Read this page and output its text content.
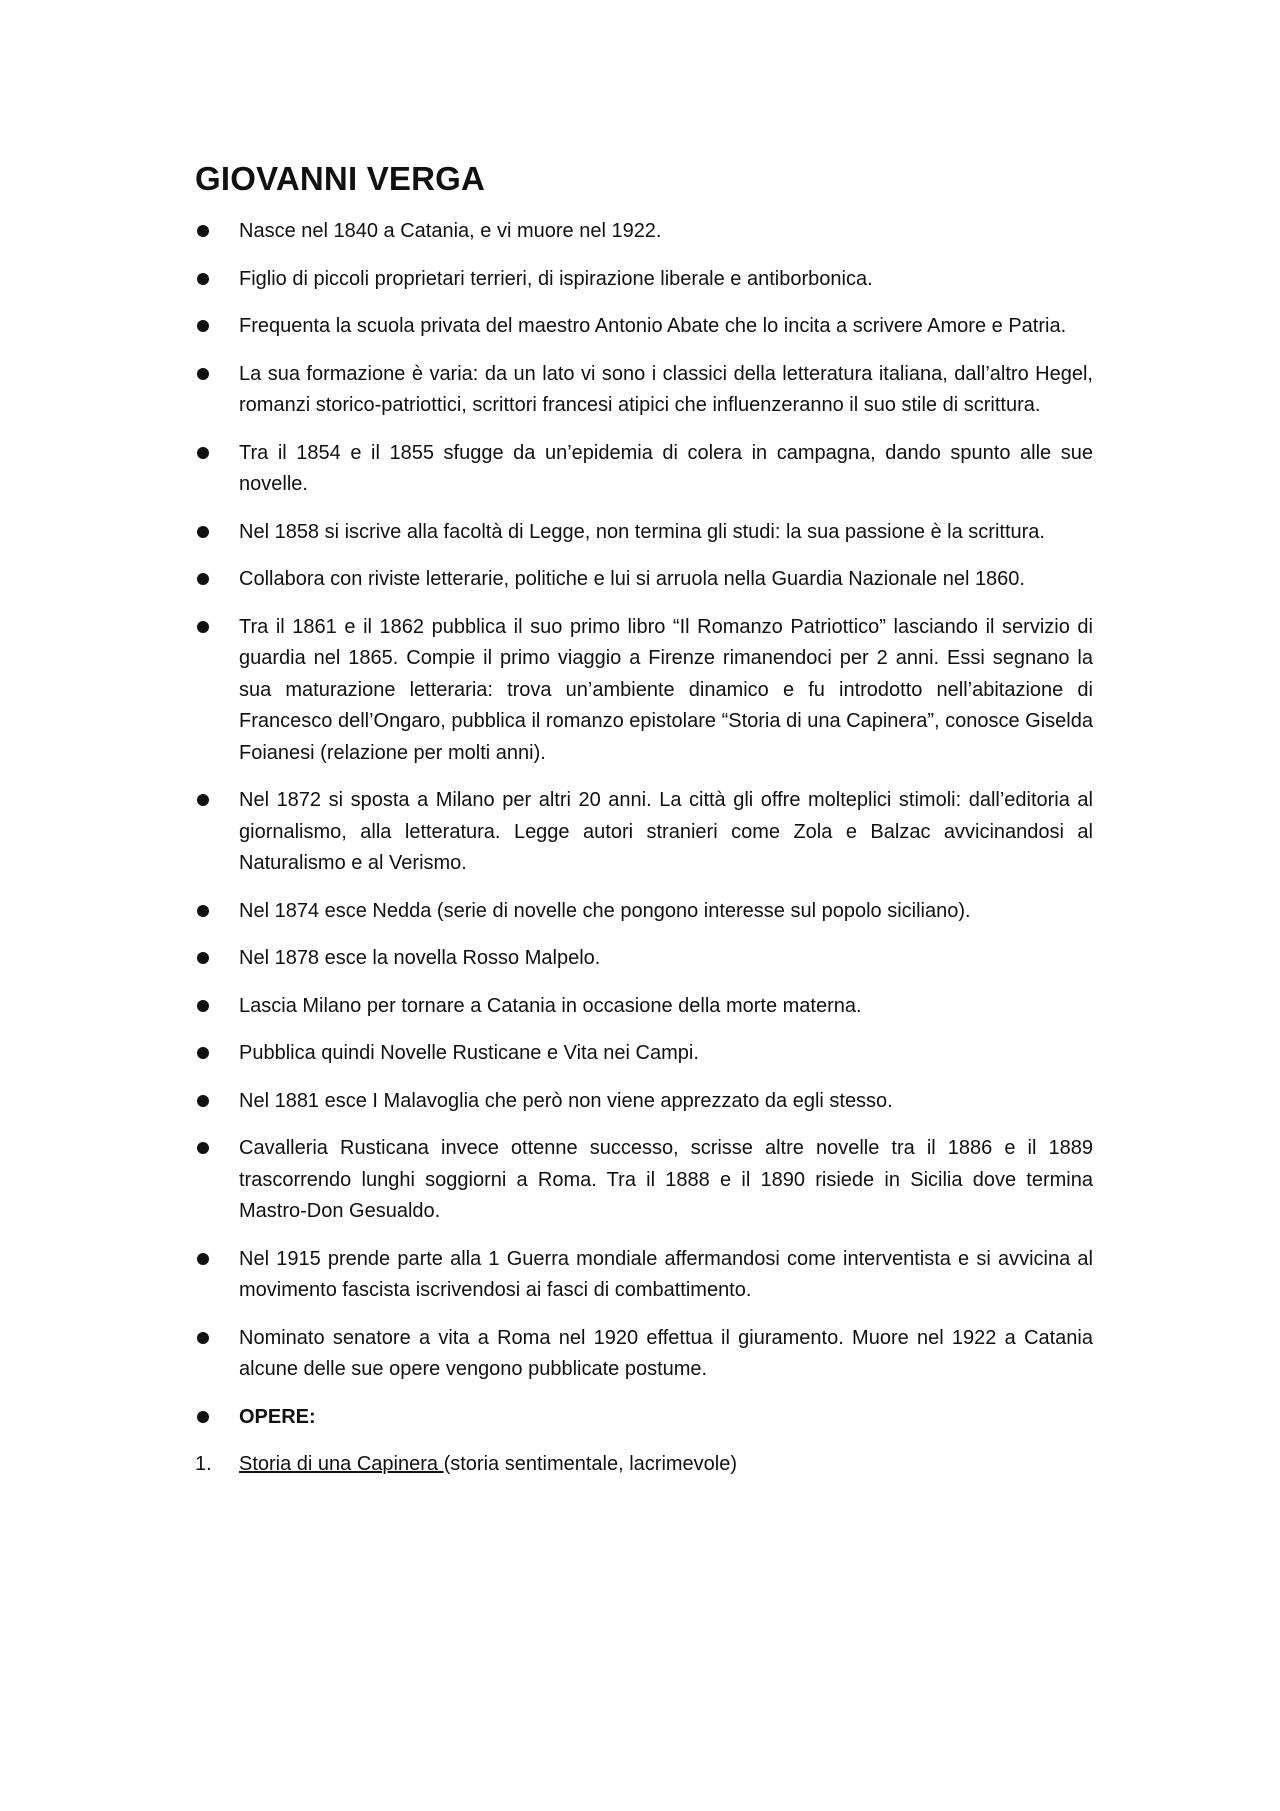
GIOVANNI VERGA
Nasce nel 1840 a Catania, e vi muore nel 1922.
Figlio di piccoli proprietari terrieri, di ispirazione liberale e antiborbonica.
Frequenta la scuola privata del maestro Antonio Abate che lo incita a scrivere Amore e Patria.
La sua formazione è varia: da un lato vi sono i classici della letteratura italiana, dall’altro Hegel, romanzi storico-patriottici, scrittori francesi atipici che influenzeranno il suo stile di scrittura.
Tra il 1854 e il 1855 sfugge da un’epidemia di colera in campagna, dando spunto alle sue novelle.
Nel 1858 si iscrive alla facoltà di Legge, non termina gli studi: la sua passione è la scrittura.
Collabora con riviste letterarie, politiche e lui si arruola nella Guardia Nazionale nel 1860.
Tra il 1861 e il 1862 pubblica il suo primo libro “Il Romanzo Patriottico” lasciando il servizio di guardia nel 1865. Compie il primo viaggio a Firenze rimanendoci per 2 anni. Essi segnano la sua maturazione letteraria: trova un’ambiente dinamico e fu introdotto nell’abitazione di Francesco dell’Ongaro, pubblica il romanzo epistolare “Storia di una Capinera”, conosce Giselda Foianesi (relazione per molti anni).
Nel 1872 si sposta a Milano per altri 20 anni. La città gli offre molteplici stimoli: dall’editoria al giornalismo, alla letteratura. Legge autori stranieri come Zola e Balzac avvicinandosi al Naturalismo e al Verismo.
Nel 1874 esce Nedda (serie di novelle che pongono interesse sul popolo siciliano).
Nel 1878 esce la novella Rosso Malpelo.
Lascia Milano per tornare a Catania in occasione della morte materna.
Pubblica quindi Novelle Rusticane e Vita nei Campi.
Nel 1881 esce I Malavoglia che però non viene apprezzato da egli stesso.
Cavalleria Rusticana invece ottenne successo, scrisse altre novelle tra il 1886 e il 1889 trascorrendo lunghi soggiorni a Roma. Tra il 1888 e il 1890 risiede in Sicilia dove termina Mastro-Don Gesualdo.
Nel 1915 prende parte alla 1 Guerra mondiale affermandosi come interventista e si avvicina al movimento fascista iscrivendosi ai fasci di combattimento.
Nominato senatore a vita a Roma nel 1920 effettua il giuramento. Muore nel 1922 a Catania alcune delle sue opere vengono pubblicate postume.
OPERE:
1. Storia di una Capinera (storia sentimentale, lacrimevole)
